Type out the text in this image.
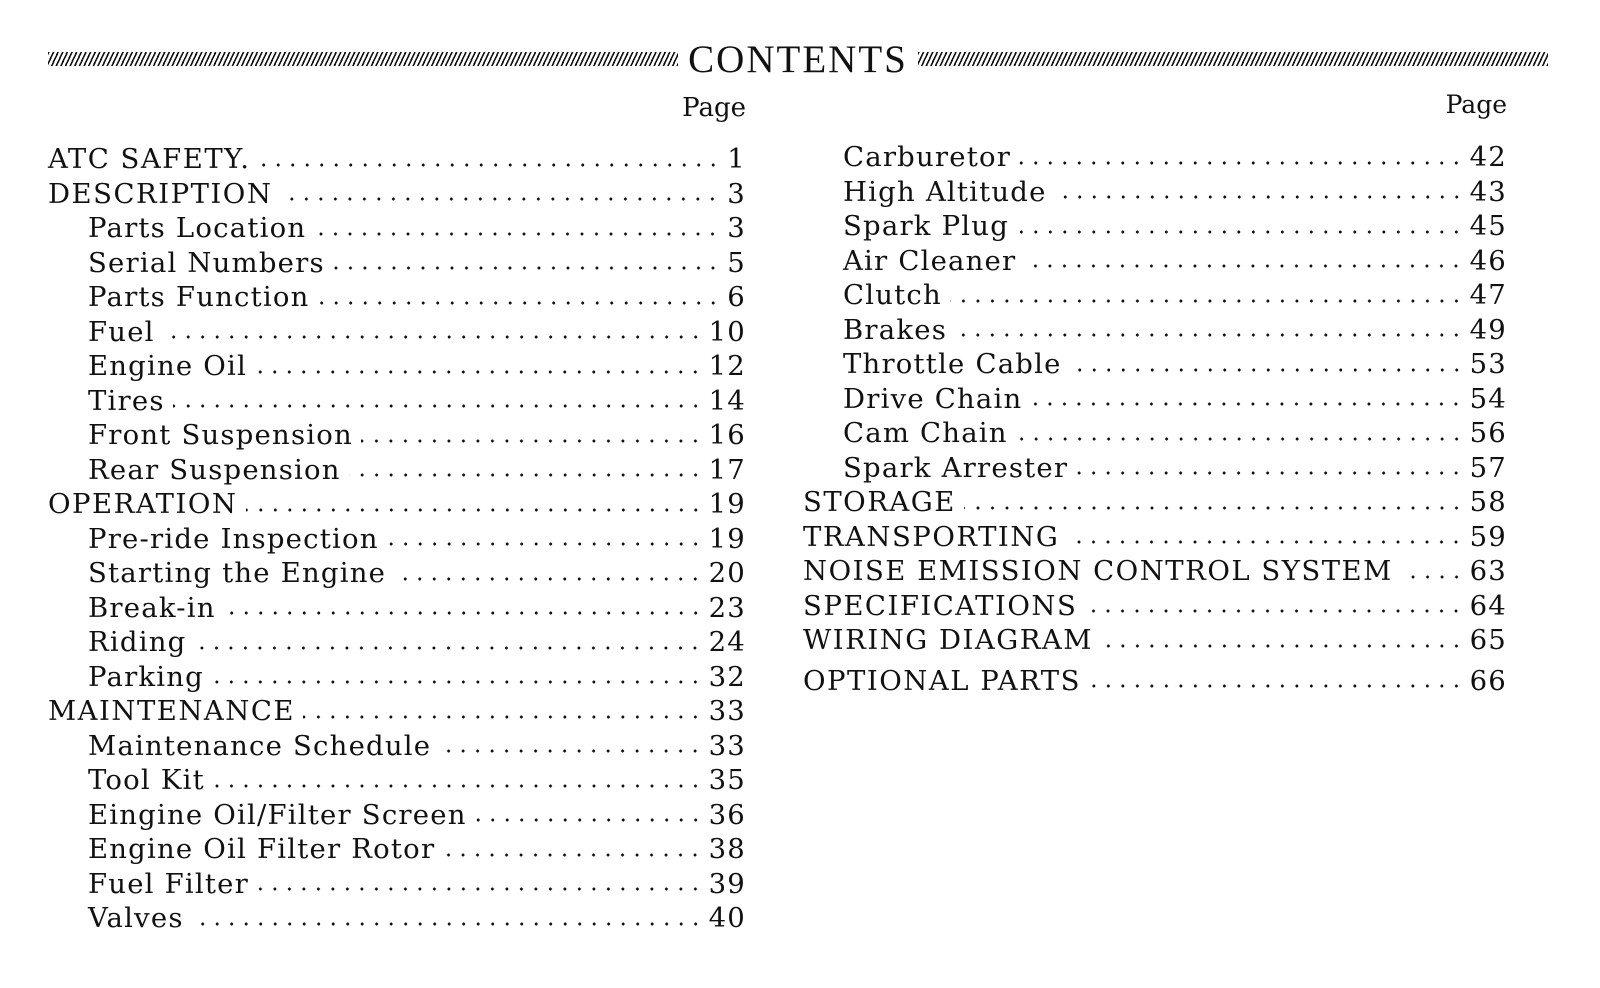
CONTENTS
Page
ATC SAFETY.	1
DESCRIPTION	3
Parts Location	3
Serial Numbers	5
Parts Function	6
Fuel	10
Engine Oil	12
Tires	14
Front Suspension	16
Rear Suspension	17
OPERATION	19
Pre-ride Inspection	19
Starting the Engine	20
Break-in	23
Riding	24
Parking	32
MAINTENANCE	33
Maintenance Schedule	33
Tool Kit	35
Eingine Oil/Filter Screen	36
Engine Oil Filter Rotor	38
Fuel Filter	39
Valves	40
Page
Carburetor	42
High Altitude	43
Spark Plug	45
Air Cleaner	46
Clutch	47
Brakes	49
Throttle Cable	53
Drive Chain	54
Cam Chain	56
Spark Arrester	57
STORAGE	58
TRANSPORTING	59
NOISE EMISSION CONTROL SYSTEM	63
SPECIFICATIONS	64
WIRING DIAGRAM	65
OPTIONAL PARTS	66
